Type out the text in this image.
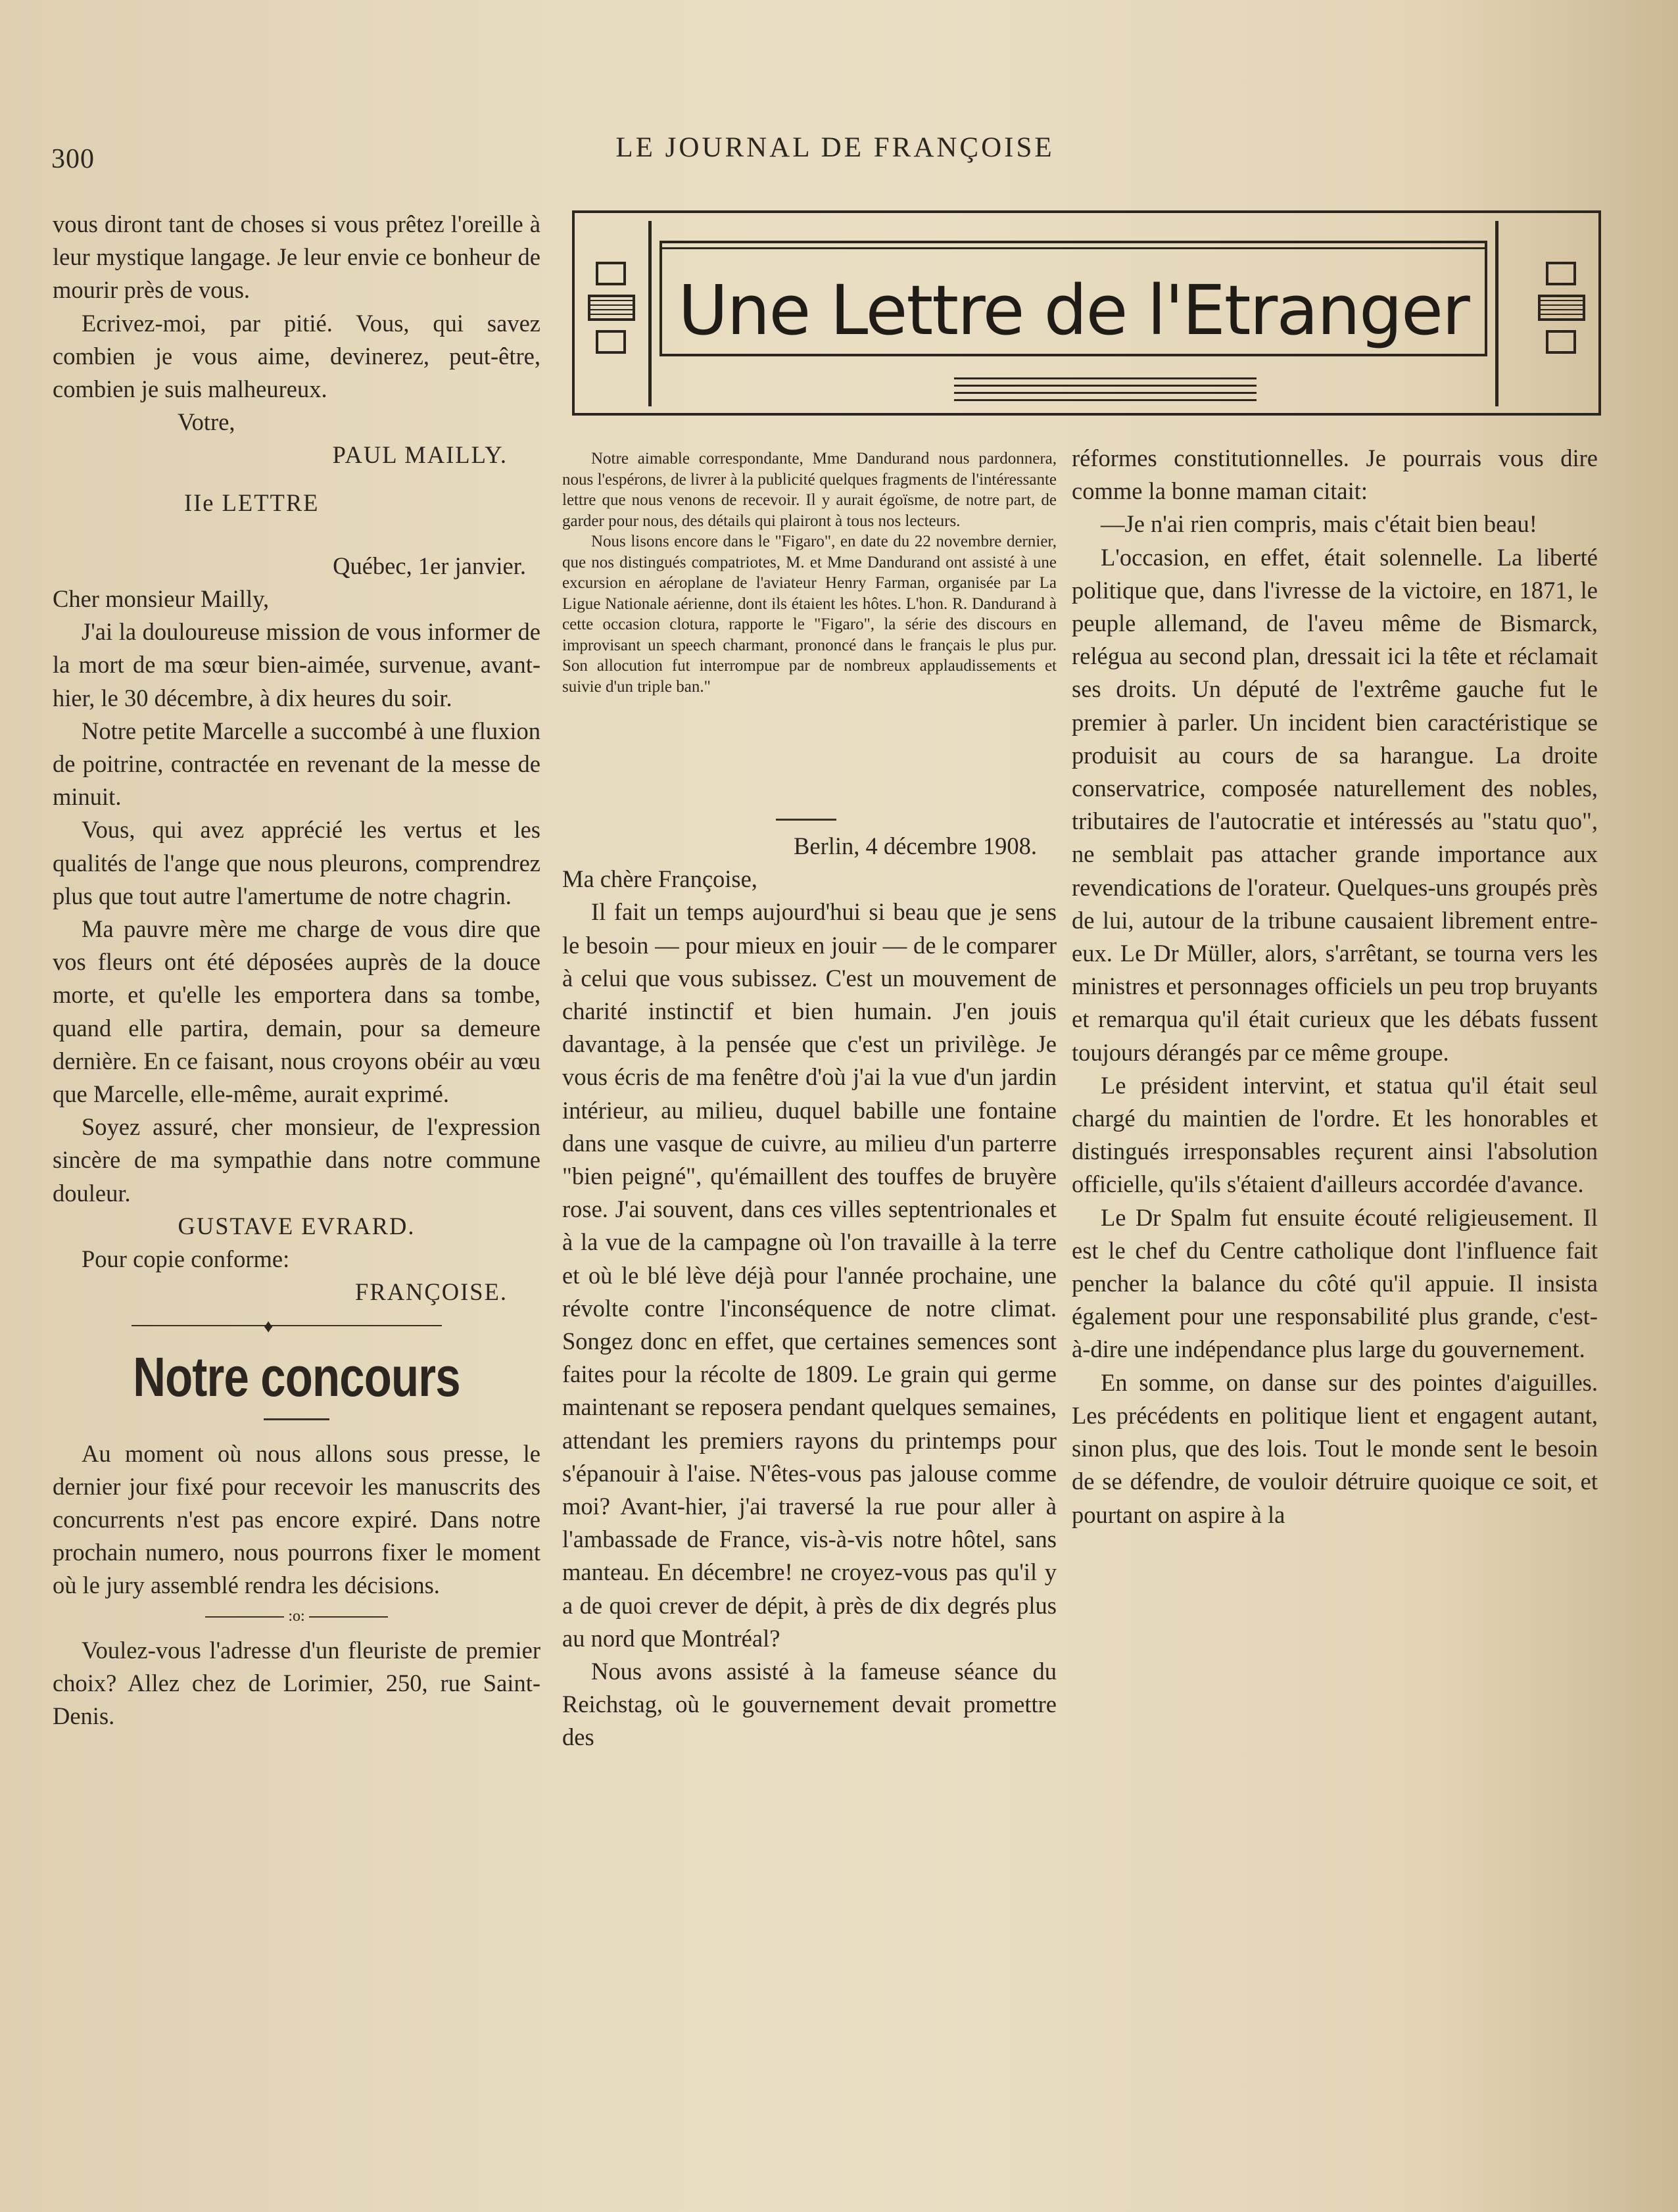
300	LE JOURNAL DE FRANÇOISE

vous diront tant de choses si vous prêtez l'oreille à leur mystique langage. Je leur envie ce bonheur de mourir près de vous.

Ecrivez-moi, par pitié. Vous, qui savez combien je vous aime, devinerez, peut-être, combien je suis malheureux.

Votre,

PAUL MAILLY.

IIe LETTRE

Québec, 1er janvier.

Cher monsieur Mailly,

J'ai la douloureuse mission de vous informer de la mort de ma sœur bien-aimée, survenue, avant-hier, le 30 décembre, à dix heures du soir.

Notre petite Marcelle a succombé à une fluxion de poitrine, contractée en revenant de la messe de minuit.

Vous, qui avez apprécié les vertus et les qualités de l'ange que nous pleurons, comprendrez plus que tout autre l'amertume de notre chagrin.

Ma pauvre mère me charge de vous dire que vos fleurs ont été déposées auprès de la douce morte, et qu'elle les emportera dans sa tombe, quand elle partira, demain, pour sa demeure dernière. En ce faisant, nous croyons obéir au vœu que Marcelle, elle-même, aurait exprimé.

Soyez assuré, cher monsieur, de l'expression sincère de ma sympathie dans notre commune douleur.

GUSTAVE EVRARD.

Pour copie conforme:

FRANÇOISE.

♦
Notre concours

Au moment où nous allons sous presse, le dernier jour fixé pour recevoir les manuscrits des concurrents n'est pas encore expiré. Dans notre prochain numero, nous pourrons fixer le moment où le jury assemblé rendra les décisions.

:o:

Voulez-vous l'adresse d'un fleuriste de premier choix? Allez chez de Lorimier, 250, rue Saint-Denis.

Une Lettre de l'Etranger

Notre aimable correspondante, Mme Dandurand nous pardonnera, nous l'espérons, de livrer à la publicité quelques fragments de l'intéressante lettre que nous venons de recevoir. Il y aurait égoïsme, de notre part, de garder pour nous, des détails qui plairont à tous nos lecteurs.

Nous lisons encore dans le "Figaro", en date du 22 novembre dernier, que nos distingués compatriotes, M. et Mme Dandurand ont assisté à une excursion en aéroplane de l'aviateur Henry Farman, organisée par La Ligue Nationale aérienne, dont ils étaient les hôtes. L'hon. R. Dandurand à cette occasion clotura, rapporte le "Figaro", la série des discours en improvisant un speech charmant, prononcé dans le français le plus pur. Son allocution fut interrompue par de nombreux applaudissements et suivie d'un triple ban."

Berlin, 4 décembre 1908.

Ma chère Françoise,

Il fait un temps aujourd'hui si beau que je sens le besoin — pour mieux en jouir — de le comparer à celui que vous subissez. C'est un mouvement de charité instinctif et bien humain. J'en jouis davantage, à la pensée que c'est un privilège. Je vous écris de ma fenêtre d'où j'ai la vue d'un jardin intérieur, au milieu, duquel babille une fontaine dans une vasque de cuivre, au milieu d'un parterre "bien peigné", qu'émaillent des touffes de bruyère rose. J'ai souvent, dans ces villes septentrionales et à la vue de la campagne où l'on travaille à la terre et où le blé lève déjà pour l'année prochaine, une révolte contre l'inconséquence de notre climat. Songez donc en effet, que certaines semences sont faites pour la récolte de 1809. Le grain qui germe maintenant se reposera pendant quelques semaines, attendant les premiers rayons du printemps pour s'épanouir à l'aise. N'êtes-vous pas jalouse comme moi? Avant-hier, j'ai traversé la rue pour aller à l'ambassade de France, vis-à-vis notre hôtel, sans manteau. En décembre! ne croyez-vous pas qu'il y a de quoi crever de dépit, à près de dix degrés plus au nord que Montréal?

Nous avons assisté à la fameuse séance du Reichstag, où le gouvernement devait promettre des

réformes constitutionnelles. Je pourrais vous dire comme la bonne maman citait:

—Je n'ai rien compris, mais c'était bien beau!

L'occasion, en effet, était solennelle. La liberté politique que, dans l'ivresse de la victoire, en 1871, le peuple allemand, de l'aveu même de Bismarck, relégua au second plan, dressait ici la tête et réclamait ses droits. Un député de l'extrême gauche fut le premier à parler. Un incident bien caractéristique se produisit au cours de sa harangue. La droite conservatrice, composée naturellement des nobles, tributaires de l'autocratie et intéressés au "statu quo", ne semblait pas attacher grande importance aux revendications de l'orateur. Quelques-uns groupés près de lui, autour de la tribune causaient librement entre-eux. Le Dr Müller, alors, s'arrêtant, se tourna vers les ministres et personnages officiels un peu trop bruyants et remarqua qu'il était curieux que les débats fussent toujours dérangés par ce même groupe.

Le président intervint, et statua qu'il était seul chargé du maintien de l'ordre. Et les honorables et distingués irresponsables reçurent ainsi l'absolution officielle, qu'ils s'étaient d'ailleurs accordée d'avance.

Le Dr Spalm fut ensuite écouté religieusement. Il est le chef du Centre catholique dont l'influence fait pencher la balance du côté qu'il appuie. Il insista également pour une responsabilité plus grande, c'est-à-dire une indépendance plus large du gouvernement.

En somme, on danse sur des pointes d'aiguilles. Les précédents en politique lient et engagent autant, sinon plus, que des lois. Tout le monde sent le besoin de se défendre, de vouloir détruire quoique ce soit, et pourtant on aspire à la
